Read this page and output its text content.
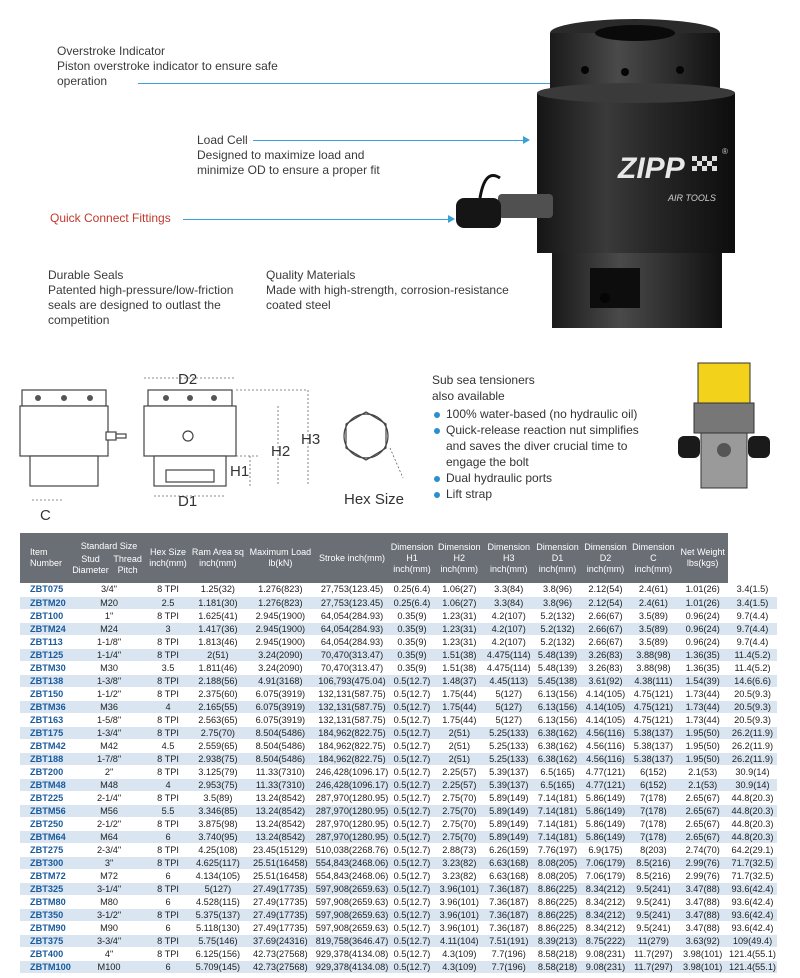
Overstroke Indicator
Piston overstroke indicator to ensure safe operation
Load Cell
Designed to maximize load and minimize OD to ensure a proper fit
Quick Connect Fittings
Durable Seals
Patented high-pressure/low-friction seals are designed to outlast the competition
Quality Materials
Made with high-strength, corrosion-resistance coated steel
ZIPP
AIR TOOLS
®
D2
D1
H1
H2
H3
C
Hex Size
Sub sea tensioners
also available
100% water-based (no hydraulic oil)
Quick-release reaction nut simplifies and saves the diver crucial time to engage the bolt
Dual hydraulic ports
Lift strap
Item Number	Standard Size
Stud Diameter
Thread Pitch	Hex Size inch(mm)	Ram Area sq inch(mm)	Maximum Load lb(kN)	Stroke inch(mm)	Dimension H1 inch(mm)	Dimension H2 inch(mm)	Dimension H3 inch(mm)	Dimension D1 inch(mm)	Dimension D2 inch(mm)	Dimension C inch(mm)	Net Weight lbs(kgs)	
ZBT075	3/4"	8 TPI	1.25(32)	1.276(823)	27,753(123.45)	0.25(6.4)	1.06(27)	3.3(84)	3.8(96)	2.12(54)	2.4(61)	1.01(26)	3.4(1.5)
ZBTM20	M20	2.5	1.181(30)	1.276(823)	27,753(123.45)	0.25(6.4)	1.06(27)	3.3(84)	3.8(96)	2.12(54)	2.4(61)	1.01(26)	3.4(1.5)
ZBT100	1"	8 TPI	1.625(41)	2.945(1900)	64,054(284.93)	0.35(9)	1.23(31)	4.2(107)	5.2(132)	2.66(67)	3.5(89)	0.96(24)	9.7(4.4)
ZBTM24	M24	3	1.417(36)	2.945(1900)	64,054(284.93)	0.35(9)	1.23(31)	4.2(107)	5.2(132)	2.66(67)	3.5(89)	0.96(24)	9.7(4.4)
ZBT113	1-1/8"	8 TPI	1.813(46)	2.945(1900)	64,054(284.93)	0.35(9)	1.23(31)	4.2(107)	5.2(132)	2.66(67)	3.5(89)	0.96(24)	9.7(4.4)
ZBT125	1-1/4"	8 TPI	2(51)	3.24(2090)	70,470(313.47)	0.35(9)	1.51(38)	4.475(114)	5.48(139)	3.26(83)	3.88(98)	1.36(35)	11.4(5.2)
ZBTM30	M30	3.5	1.811(46)	3.24(2090)	70,470(313.47)	0.35(9)	1.51(38)	4.475(114)	5.48(139)	3.26(83)	3.88(98)	1.36(35)	11.4(5.2)
ZBT138	1-3/8"	8 TPI	2.188(56)	4.91(3168)	106,793(475.04)	0.5(12.7)	1.48(37)	4.45(113)	5.45(138)	3.61(92)	4.38(111)	1.54(39)	14.6(6.6)
ZBT150	1-1/2"	8 TPI	2.375(60)	6.075(3919)	132,131(587.75)	0.5(12.7)	1.75(44)	5(127)	6.13(156)	4.14(105)	4.75(121)	1.73(44)	20.5(9.3)
ZBTM36	M36	4	2.165(55)	6.075(3919)	132,131(587.75)	0.5(12.7)	1.75(44)	5(127)	6.13(156)	4.14(105)	4.75(121)	1.73(44)	20.5(9.3)
ZBT163	1-5/8"	8 TPI	2.563(65)	6.075(3919)	132,131(587.75)	0.5(12.7)	1.75(44)	5(127)	6.13(156)	4.14(105)	4.75(121)	1.73(44)	20.5(9.3)
ZBT175	1-3/4"	8 TPI	2.75(70)	8.504(5486)	184,962(822.75)	0.5(12.7)	2(51)	5.25(133)	6.38(162)	4.56(116)	5.38(137)	1.95(50)	26.2(11.9)
ZBTM42	M42	4.5	2.559(65)	8.504(5486)	184,962(822.75)	0.5(12.7)	2(51)	5.25(133)	6.38(162)	4.56(116)	5.38(137)	1.95(50)	26.2(11.9)
ZBT188	1-7/8"	8 TPI	2.938(75)	8.504(5486)	184,962(822.75)	0.5(12.7)	2(51)	5.25(133)	6.38(162)	4.56(116)	5.38(137)	1.95(50)	26.2(11.9)
ZBT200	2"	8 TPI	3.125(79)	11.33(7310)	246,428(1096.17)	0.5(12.7)	2.25(57)	5.39(137)	6.5(165)	4.77(121)	6(152)	2.1(53)	30.9(14)
ZBTM48	M48	4	2.953(75)	11.33(7310)	246,428(1096.17)	0.5(12.7)	2.25(57)	5.39(137)	6.5(165)	4.77(121)	6(152)	2.1(53)	30.9(14)
ZBT225	2-1/4"	8 TPI	3.5(89)	13.24(8542)	287,970(1280.95)	0.5(12.7)	2.75(70)	5.89(149)	7.14(181)	5.86(149)	7(178)	2.65(67)	44.8(20.3)
ZBTM56	M56	5.5	3.346(85)	13.24(8542)	287,970(1280.95)	0.5(12.7)	2.75(70)	5.89(149)	7.14(181)	5.86(149)	7(178)	2.65(67)	44.8(20.3)
ZBT250	2-1/2"	8 TPI	3.875(98)	13.24(8542)	287,970(1280.95)	0.5(12.7)	2.75(70)	5.89(149)	7.14(181)	5.86(149)	7(178)	2.65(67)	44.8(20.3)
ZBTM64	M64	6	3.740(95)	13.24(8542)	287,970(1280.95)	0.5(12.7)	2.75(70)	5.89(149)	7.14(181)	5.86(149)	7(178)	2.65(67)	44.8(20.3)
ZBT275	2-3/4"	8 TPI	4.25(108)	23.45(15129)	510,038(2268.76)	0.5(12.7)	2.88(73)	6.26(159)	7.76(197)	6.9(175)	8(203)	2.74(70)	64.2(29.1)
ZBT300	3"	8 TPI	4.625(117)	25.51(16458)	554,843(2468.06)	0.5(12.7)	3.23(82)	6.63(168)	8.08(205)	7.06(179)	8.5(216)	2.99(76)	71.7(32.5)
ZBTM72	M72	6	4.134(105)	25.51(16458)	554,843(2468.06)	0.5(12.7)	3.23(82)	6.63(168)	8.08(205)	7.06(179)	8.5(216)	2.99(76)	71.7(32.5)
ZBT325	3-1/4"	8 TPI	5(127)	27.49(17735)	597,908(2659.63)	0.5(12.7)	3.96(101)	7.36(187)	8.86(225)	8.34(212)	9.5(241)	3.47(88)	93.6(42.4)
ZBTM80	M80	6	4.528(115)	27.49(17735)	597,908(2659.63)	0.5(12.7)	3.96(101)	7.36(187)	8.86(225)	8.34(212)	9.5(241)	3.47(88)	93.6(42.4)
ZBT350	3-1/2"	8 TPI	5.375(137)	27.49(17735)	597,908(2659.63)	0.5(12.7)	3.96(101)	7.36(187)	8.86(225)	8.34(212)	9.5(241)	3.47(88)	93.6(42.4)
ZBTM90	M90	6	5.118(130)	27.49(17735)	597,908(2659.63)	0.5(12.7)	3.96(101)	7.36(187)	8.86(225)	8.34(212)	9.5(241)	3.47(88)	93.6(42.4)
ZBT375	3-3/4"	8 TPI	5.75(146)	37.69(24316)	819,758(3646.47)	0.5(12.7)	4.11(104)	7.51(191)	8.39(213)	8.75(222)	11(279)	3.63(92)	109(49.4)
ZBT400	4"	8 TPI	6.125(156)	42.73(27568)	929,378(4134.08)	0.5(12.7)	4.3(109)	7.7(196)	8.58(218)	9.08(231)	11.7(297)	3.98(101)	121.4(55.1)
ZBTM100	M100	6	5.709(145)	42.73(27568)	929,378(4134.08)	0.5(12.7)	4.3(109)	7.7(196)	8.58(218)	9.08(231)	11.7(297)	3.98(101)	121.4(55.1)
